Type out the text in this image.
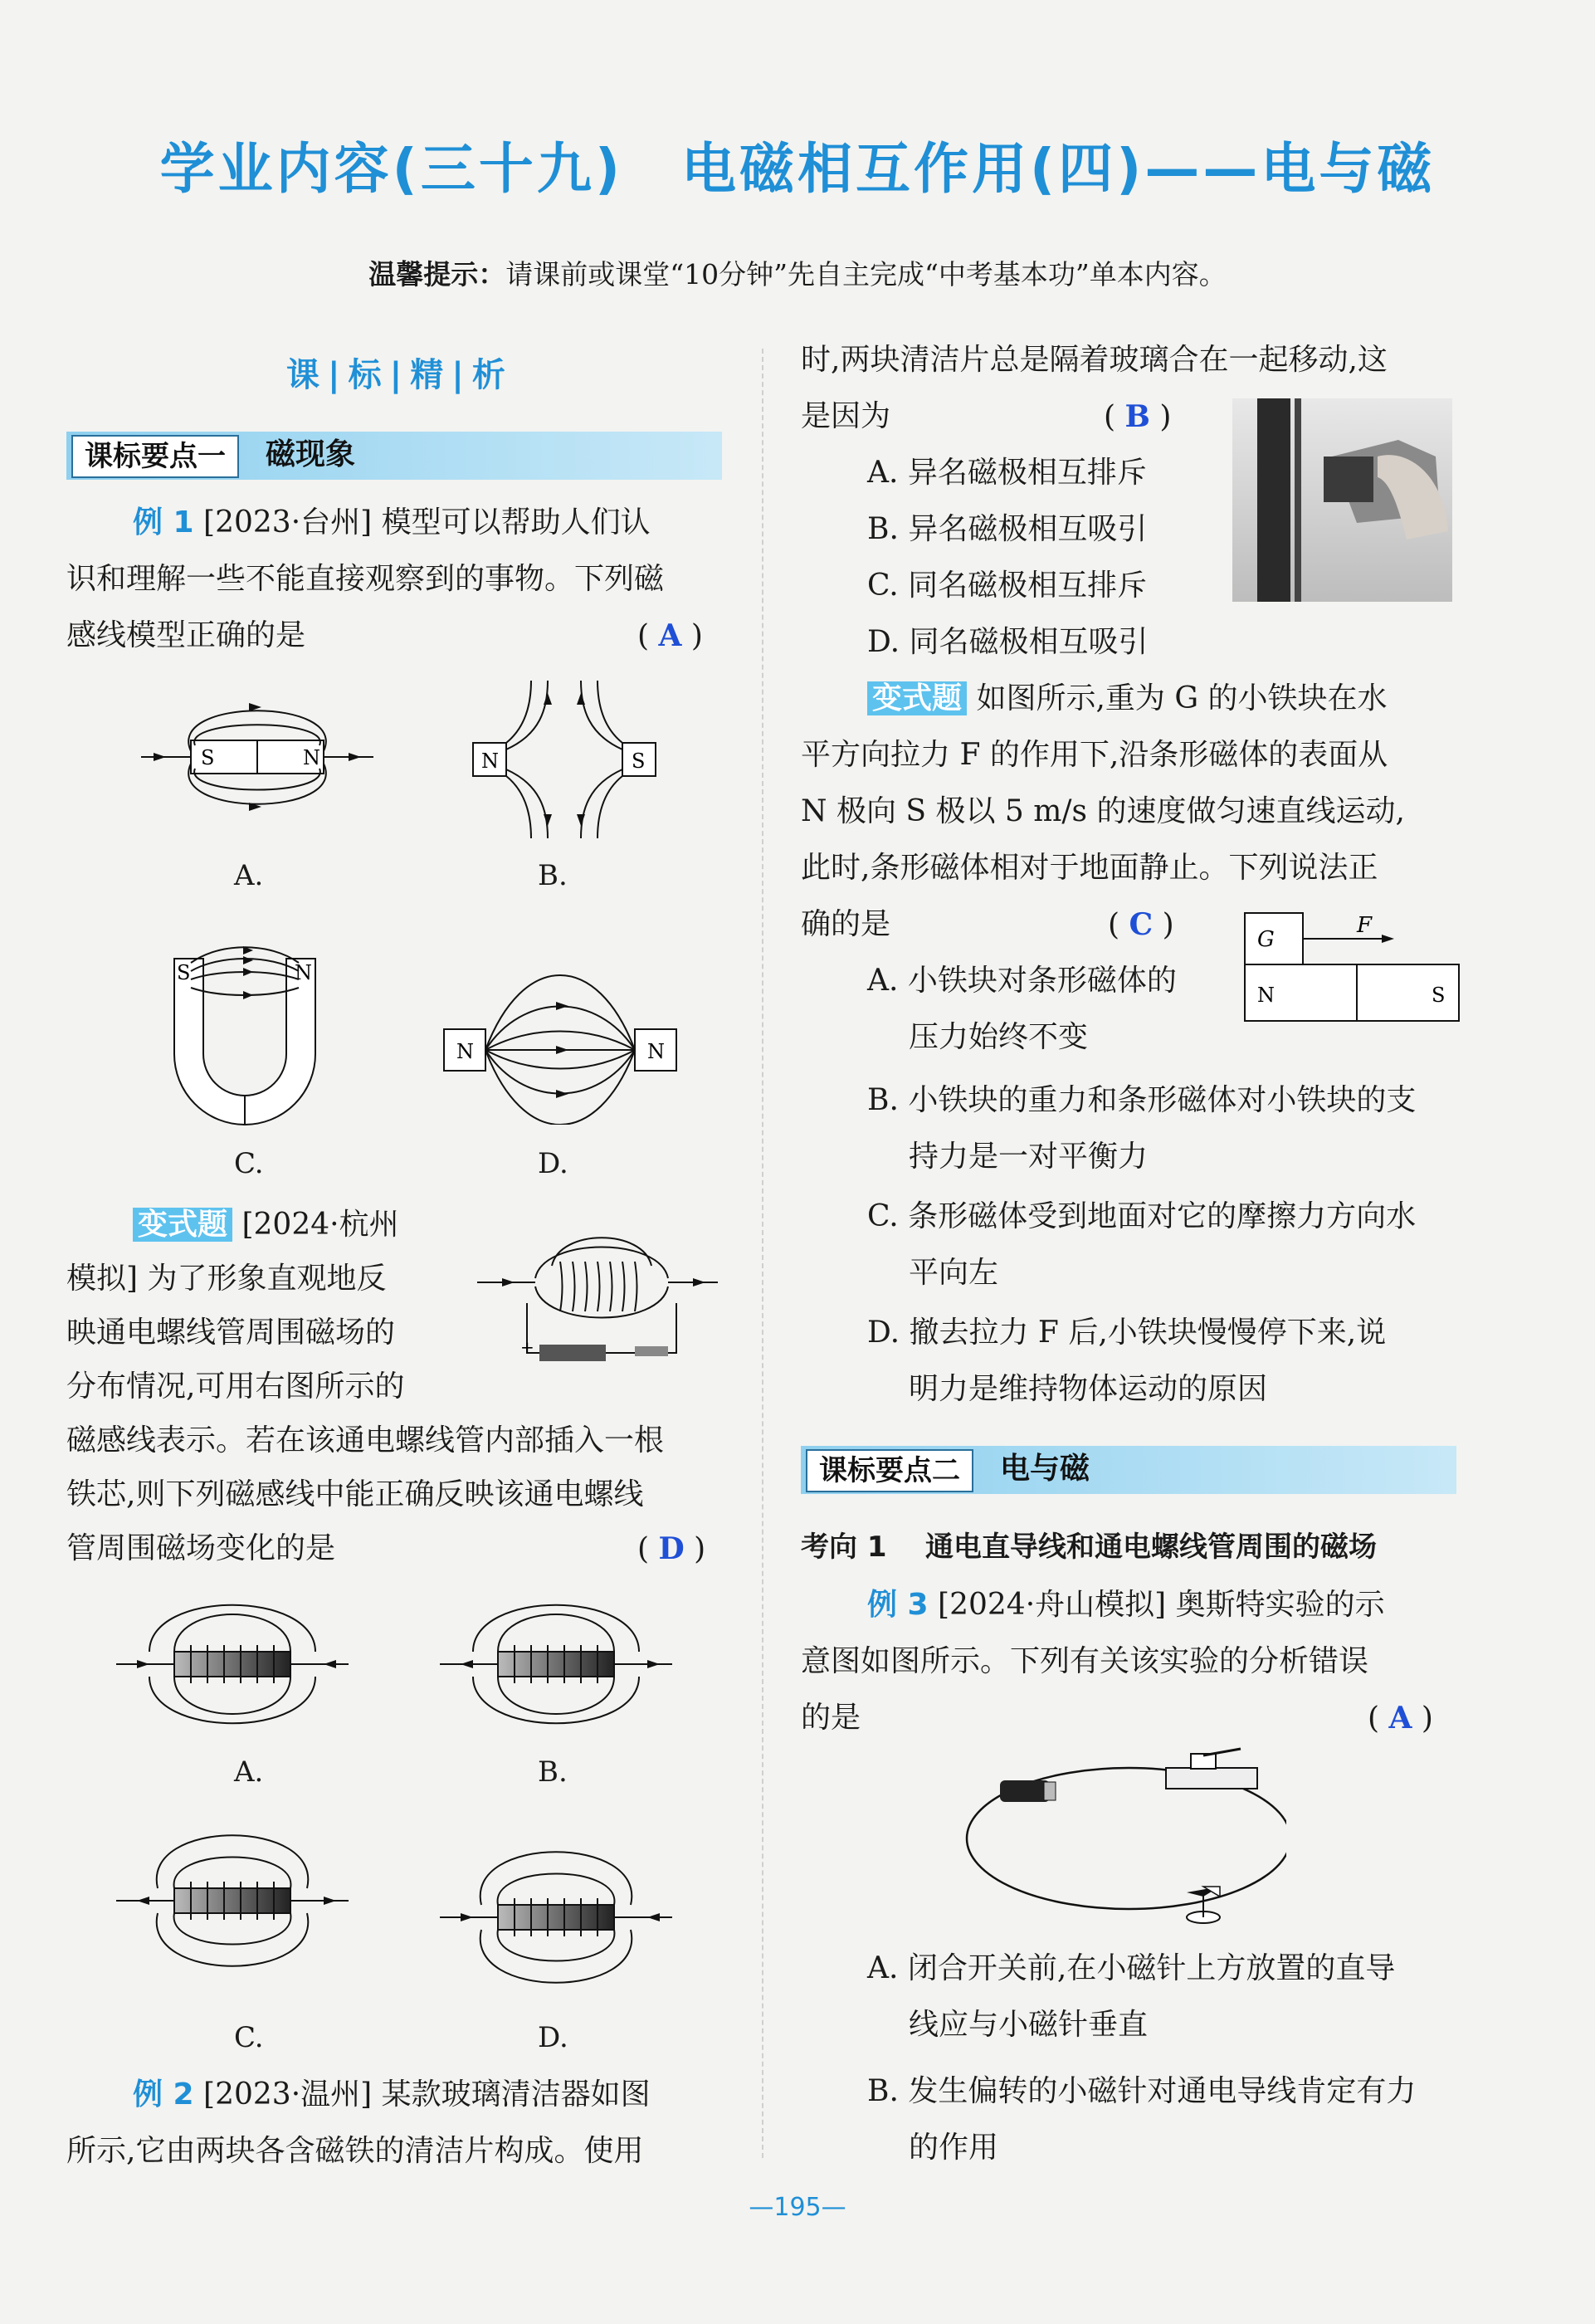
学业内容(三十九)　电磁相互作用(四)——电与磁
温馨提示：请课前或课堂“10分钟”先自主完成“中考基本功”单本内容。
课|标|精|析
课标要点一	磁现象
例 1 [2023·台州] 模型可以帮助人们认
识和理解一些不能直接观察到的事物。下列磁
感线模型正确的是	( A )
S	N
A.
N	S
B.
S	N
C.
N	N
D.
变式题 [2024·杭州
模拟] 为了形象直观地反
映通电螺线管周围磁场的
分布情况,可用右图所示的
磁感线表示。若在该通电螺线管内部插入一根
铁芯,则下列磁感线中能正确反映该通电螺线
管周围磁场变化的是	( D )
+
A.	B.
C.	D.
例 2 [2023·温州] 某款玻璃清洁器如图
所示,它由两块各含磁铁的清洁片构成。使用
时,两块清洁片总是隔着玻璃合在一起移动,这
是因为	( B )
A. 异名磁极相互排斥
B. 异名磁极相互吸引
C. 同名磁极相互排斥
D. 同名磁极相互吸引
变式题 如图所示,重为 G 的小铁块在水
平方向拉力 F 的作用下,沿条形磁体的表面从
N 极向 S 极以 5 m/s 的速度做匀速直线运动,
此时,条形磁体相对于地面静止。下列说法正
确的是	( C )	G
F
N	S
A. 小铁块对条形磁体的
压力始终不变
B. 小铁块的重力和条形磁体对小铁块的支
持力是一对平衡力
C. 条形磁体受到地面对它的摩擦力方向水
平向左
D. 撤去拉力 F 后,小铁块慢慢停下来,说
明力是维持物体运动的原因
课标要点二	电与磁
考向 1 通电直导线和通电螺线管周围的磁场
例 3 [2024·舟山模拟] 奥斯特实验的示
意图如图所示。下列有关该实验的分析错误
的是	( A )
A. 闭合开关前,在小磁针上方放置的直导
线应与小磁针垂直
B. 发生偏转的小磁针对通电导线肯定有力
的作用
—195—
